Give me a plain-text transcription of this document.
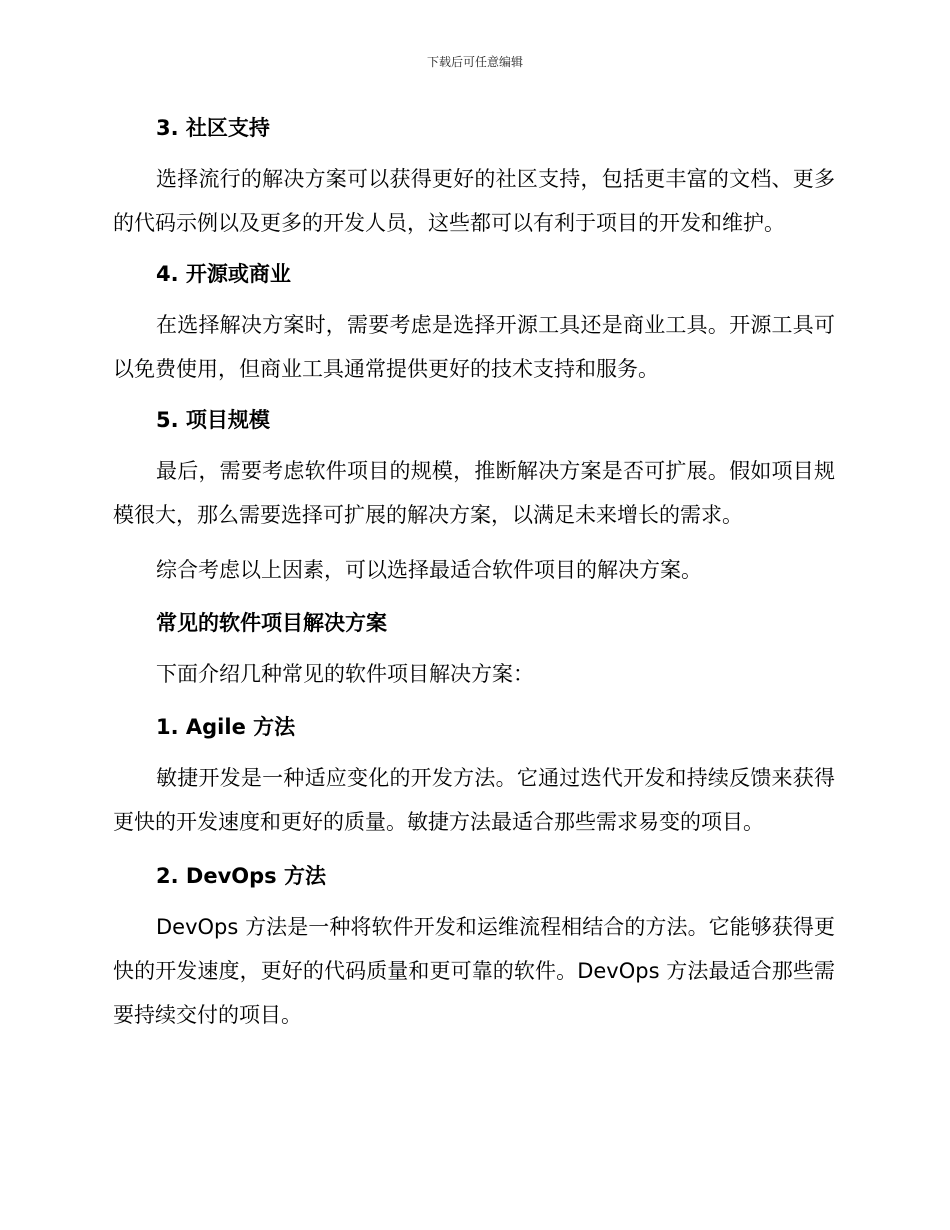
下载后可任意编辑
3. 社区支持

选择流行的解决方案可以获得更好的社区支持，包括更丰富的文档、更多的代码示例以及更多的开发人员，这些都可以有利于项目的开发和维护。

4. 开源或商业

在选择解决方案时，需要考虑是选择开源工具还是商业工具。开源工具可以免费使用，但商业工具通常提供更好的技术支持和服务。

5. 项目规模

最后，需要考虑软件项目的规模，推断解决方案是否可扩展。假如项目规模很大，那么需要选择可扩展的解决方案，以满足未来增长的需求。

综合考虑以上因素，可以选择最适合软件项目的解决方案。

常见的软件项目解决方案

下面介绍几种常见的软件项目解决方案：

1. Agile 方法

敏捷开发是一种适应变化的开发方法。它通过迭代开发和持续反馈来获得更快的开发速度和更好的质量。敏捷方法最适合那些需求易变的项目。

2. DevOps 方法

DevOps 方法是一种将软件开发和运维流程相结合的方法。它能够获得更快的开发速度，更好的代码质量和更可靠的软件。DevOps 方法最适合那些需要持续交付的项目。
